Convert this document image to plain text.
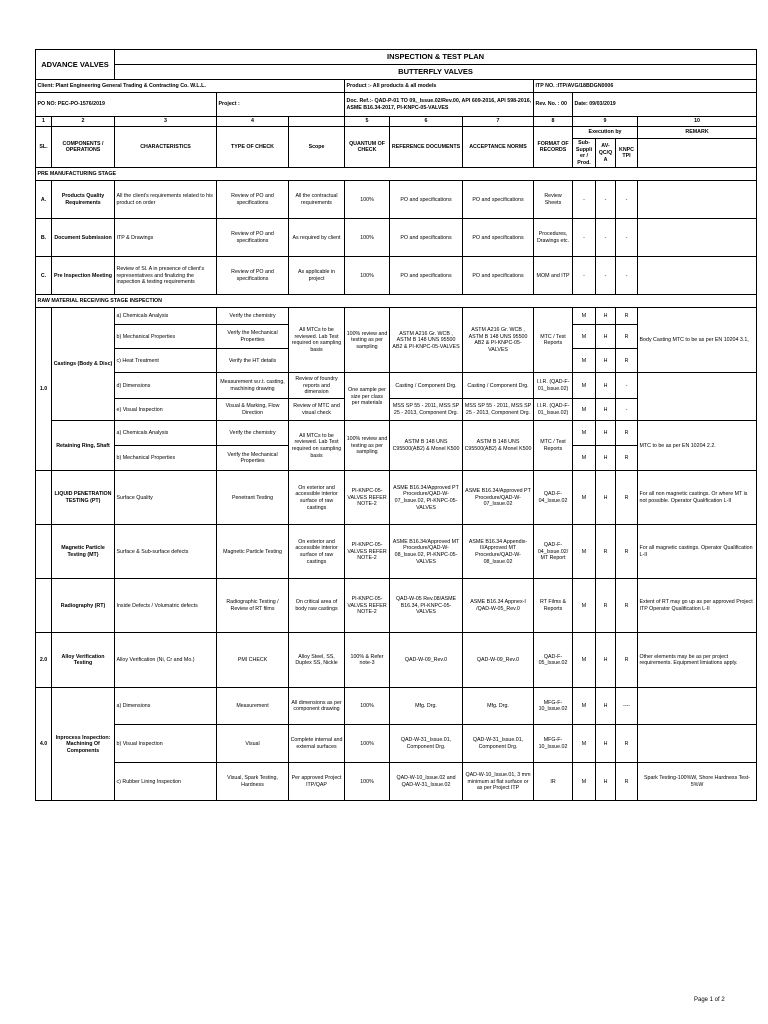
ADVANCE VALVES		INSPECTION & TEST PLAN										
		BUTTERFLY VALVES										
Client: Plant Engineering General Trading & Contracting Co. W.L.L.					Product :- All products & all models			ITP NO. :ITP/AVG/18BDGN0006				
PO NO: PEC-PO-1576/2019			Project :		Doc. Ref.:- QAD-P-01 TO 09,_Issue.02/Rev.00, API 609-2016, API 598-2016, ASME B16.34-2017, PI-KNPC-05-VALVES			Rev. No. : 00	Date: 09/03/2019			
1	2	3	4		5	6	7	8	9			10
SL.	COMPONENTS / OPERATIONS	CHARACTERISTICS	TYPE OF CHECK	Scope	QUANTUM OF CHECK	REFERENCE DOCUMENTS	ACCEPTANCE NORMS	FORMAT OF RECORDS	Execution by			REMARK
									Sub-Supplier / Prod.	AV-QC/QA	KNPC TPI	
PRE MANUFACTURING STAGE												
A.	Products Quality Requirements	All the client's requirements related to his product on order	Review of PO and specifications	All the contractual requirements	100%	PO and specifications	PO and specifications	Review Sheets	-	-	-	
B.	Document Submission	ITP & Drawings	Review of PO and specifications	As required by client	100%	PO and specifications	PO and specifications	Procedures, Drawings etc.	-	-	-	
C.	Pre Inspection Meeting	Review of Sl. A in presence of client's representatives and finalizing the inspection & testing requirements	Review of PO and specifications	As applicable in project	100%	PO and specifications	PO and specifications	MOM and ITP	-	-	-	
RAW MATERIAL RECEIVING STAGE INSPECTION												
1.0	Castings (Body & Disc)	a) Chemicals Analysis	Verify the chemistry	All MTCs to be reviewed. Lab Test required on sampling basis	100% review and testing as per sampling	ASTM A216 Gr. WCB , ASTM B 148 UNS 95500 AB2 & PI-KNPC-05-VALVES	ASTM A216 Gr. WCB , ASTM B 148 UNS 95500 AB2 & PI-KNPC-05-VALVES	MTC / Test Reports	M	H	R	Body Casting MTC to be as per EN 10204 3.1,
		b) Mechanical Properties	Verify the Mechanical Properties						M	H	R	
		c) Heat Treatment	Verify the HT details						M	H	R	
		d) Dimensions	Measurement w.r.t. casting, machining drawing	Review of foundry reports and dimension	One sample per size per class per materials	Casting / Component Drg.	Casting / Component Drg.	I.I.R. (QAD-F-01_Issue.02)	M	H	-	
		e) Visual Inspection	Visual & Marking, Flow Direction	Review of MTC and visual check		MSS SP 55 - 2011, MSS SP 25 - 2013, Component Drg.	MSS SP 55 - 2011, MSS SP 25 - 2013, Component Drg.	I.I.R. (QAD-F-01_Issue.02)	M	H	-	
	Retaining Ring, Shaft	a) Chemicals Analysis	Verify the chemistry	All MTCs to be reviewed. Lab Test required on sampling basis	100% review and testing as per sampling	ASTM B 148 UNS C95500(AB2) & Monel K500	ASTM B 148 UNS C95500(AB2) & Monel K500	MTC / Test Reports	M	H	R	MTC to be as per EN 10204 2.2.
		b) Mechanical Properties	Verify the Mechanical Properties						M	H	R	
	LIQUID PENETRATION TESTING (PT)	Surface Quality	Penetrant Testing	On exterior and accessible interior surface of raw castings	PI-KNPC-05-VALVES REFER NOTE-2	ASME B16.34/Approved PT Procedure/QAD-W-07_Issue.02, PI-KNPC-05-VALVES	ASME B16.34/Approved PT Procedure/QAD-W-07_Issue.02	QAD-F-04_Issue.02	M	H	R	For all non magnetic castings. Or where MT is not possible. Operator Qualification L-II
	Magnetic Particle Testing (MT)	Surface & Sub-surface defects	Magnetic Particle Testing	On exterior and accessible interior surface of raw castings	PI-KNPC-05-VALVES REFER NOTE-2	ASME B16.34/Approved MT Procedure/QAD-W-08_Issue.02, PI-KNPC-05-VALVES	ASME B16.34 Appendix-II/Approved MT Procedure/QAD-W-08_Issue.02	QAD-F-04_Issue.02/ MT Report	M	R	R	For all magnetic castings. Operator Qualification L-II
	Radiography (RT)	Inside Defects / Volumatric defects	Radiographic Testing / Review of RT films	On critical area of body raw castings	PI-KNPC-05-VALVES REFER NOTE-2	QAD-W-05 Rev.08/ASME B16.34, PI-KNPC-05-VALVES	ASME B16.34 Appnex-I /QAD-W-05_Rev.0	RT Films & Reports	M	R	R	Extent of RT may go up as per approved Project ITP Operator Qualification L-II
2.0	Alloy Verification Testing	Alloy Verification (Ni, Cr and Mo.)	PMI CHECK	Alloy Steel, SS, Duplex SS, Nickle	100% & Refer note-3	QAD-W-09_Rev.0	QAD-W-09_Rev.0	QAD-F-05_Issue.02	M	H	R	Other elements may be as per project requirements. Equipment limiations apply.
4.0	Inprocess Inspection: Machining Of Components	a) Dimensions	Measurement	All dimensions as per component drawing	100%	Mfg. Drg.	Mfg. Drg.	MFG-F-10_Issue.02	M	H	----	
		b) Visual Inspection	Visual	Complete internal and external surfaces	100%	QAD-W-31_Issue.01, Component Drg.	QAD-W-31_Issue.01, Component Drg.	MFG-F-10_Issue.02	M	H	R	
		c) Rubber Lining Inspection	Visual, Spark Testing, Hardness	Per approved Project ITP/QAP	100%	QAD-W-10_Issue.02 and QAD-W-31_Issue.02	QAD-W-10_Issue.01, 3 mm minimum at flat surface or as per Project ITP	IR	M	H	R	Spark Testing-100%W, Shore Hardness Test-5%W
Page 1 of 2
